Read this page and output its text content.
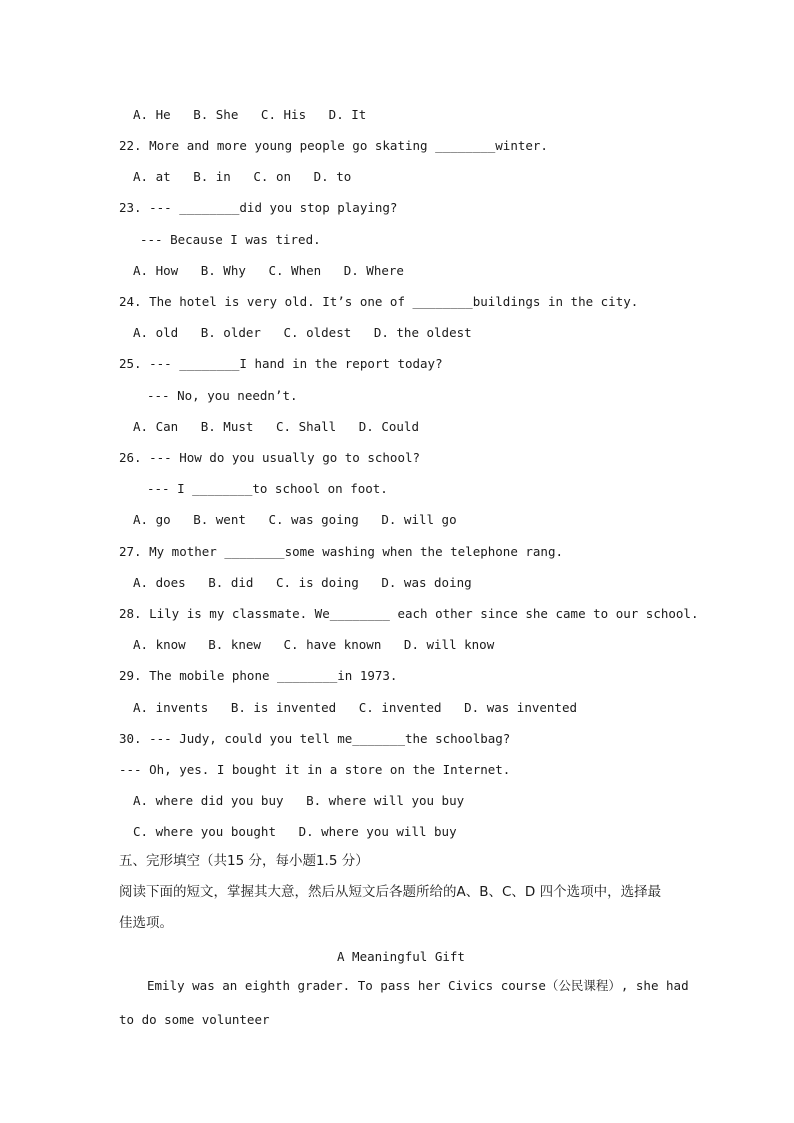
A. He   B. She   C. His   D. It
22. More and more young people go skating ________winter.
A. at   B. in   C. on   D. to
23. --- ________did you stop playing?
--- Because I was tired.
A. How   B. Why   C. When   D. Where
24. The hotel is very old. It’s one of ________buildings in the city.
A. old   B. older   C. oldest   D. the oldest
25. --- ________I hand in the report today?
--- No, you needn’t.
A. Can   B. Must   C. Shall   D. Could
26. --- How do you usually go to school?
--- I ________to school on foot.
A. go   B. went   C. was going   D. will go
27. My mother ________some washing when the telephone rang.
A. does   B. did   C. is doing   D. was doing
28. Lily is my classmate. We________ each other since she came to our school.
A. know   B. knew   C. have known   D. will know
29. The mobile phone ________in 1973.
A. invents   B. is invented   C. invented   D. was invented
30. --- Judy, could you tell me_______the schoolbag?
--- Oh, yes. I bought it in a store on the Internet.
A. where did you buy   B. where will you buy
C. where you bought   D. where you will buy
五、完形填空（共15 分，每小题1.5 分）
阅读下面的短文，掌握其大意，然后从短文后各题所给的A、B、C、D 四个选项中，选择最
佳选项。
A Meaningful Gift
Emily was an eighth grader. To pass her Civics course（公民课程）, she had
to do some volunteer
